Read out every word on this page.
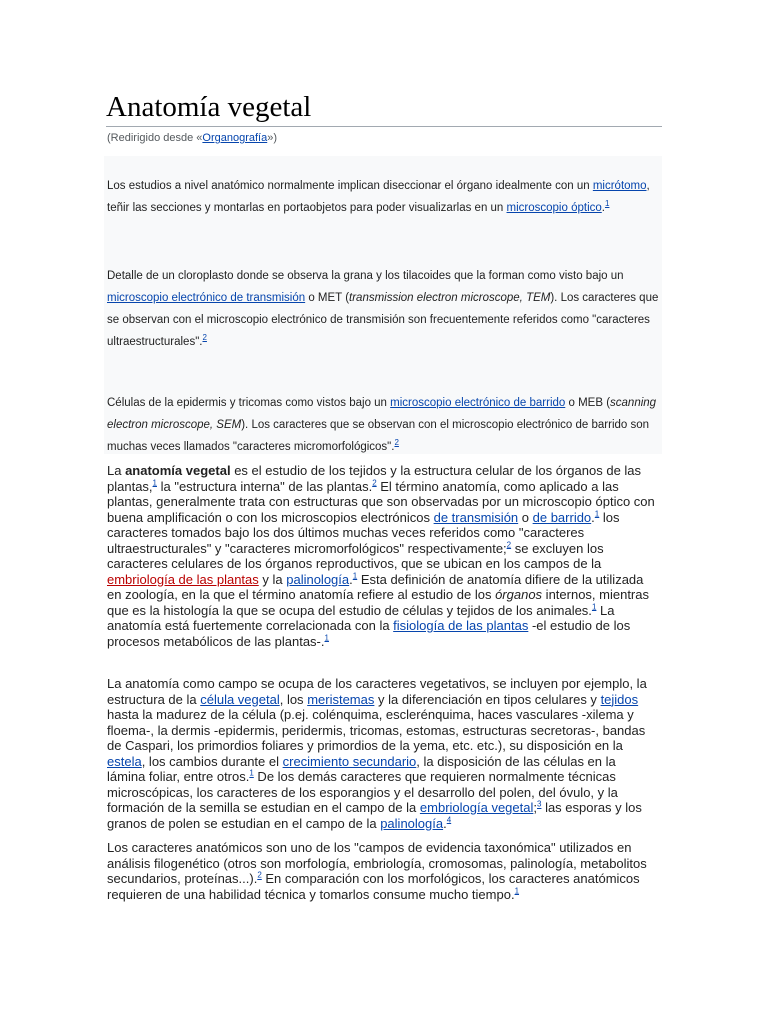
Anatomía vegetal
(Redirigido desde «Organografía»)
Los estudios a nivel anatómico normalmente implican diseccionar el órgano idealmente con un micrótomo, teñir las secciones y montarlas en portaobjetos para poder visualizarlas en un microscopio óptico.$^1$
Detalle de un cloroplasto donde se observa la grana y los tilacoides que la forman como visto bajo un microscopio electrónico de transmisión o MET (transmission electron microscope, TEM). Los caracteres que se observan con el microscopio electrónico de transmisión son frecuentemente referidos como "caracteres ultraestructurales".$^2$
Células de la epidermis y tricomas como vistos bajo un microscopio electrónico de barrido o MEB (scanning electron microscope, SEM). Los caracteres que se observan con el microscopio electrónico de barrido son muchas veces llamados "caracteres micromorfológicos".$^2$
La anatomía vegetal es el estudio de los tejidos y la estructura celular de los órganos de las plantas,$^1$ la "estructura interna" de las plantas.$^2$ El término anatomía, como aplicado a las plantas, generalmente trata con estructuras que son observadas por un microscopio óptico con buena amplificación o con los microscopios electrónicos de transmisión o de barrido.$^1$ los caracteres tomados bajo los dos últimos muchas veces referidos como "caracteres ultraestructurales" y "caracteres micromorfológicos" respectivamente;$^2$ se excluyen los caracteres celulares de los órganos reproductivos, que se ubican en los campos de la embriología de las plantas y la palinología.$^1$ Esta definición de anatomía difiere de la utilizada en zoología, en la que el término anatomía refiere al estudio de los órganos internos, mientras que es la histología la que se ocupa del estudio de células y tejidos de los animales.$^1$ La anatomía está fuertemente correlacionada con la fisiología de las plantas -el estudio de los procesos metabólicos de las plantas-.$^1$
La anatomía como campo se ocupa de los caracteres vegetativos, se incluyen por ejemplo, la estructura de la célula vegetal, los meristemas y la diferenciación en tipos celulares y tejidos hasta la madurez de la célula (p.ej. colénquima, esclerénquima, haces vasculares -xilema y floema-, la dermis -epidermis, peridermis, tricomas, estomas, estructuras secretoras-, bandas de Caspari, los primordios foliares y primordios de la yema, etc. etc.), su disposición en la estela, los cambios durante el crecimiento secundario, la disposición de las células en la lámina foliar, entre otros.$^1$ De los demás caracteres que requieren normalmente técnicas microscópicas, los caracteres de los esporangios y el desarrollo del polen, del óvulo, y la formación de la semilla se estudian en el campo de la embriología vegetal;$^3$ las esporas y los granos de polen se estudian en el campo de la palinología.$^4$
Los caracteres anatómicos son uno de los "campos de evidencia taxonómica" utilizados en análisis filogenético (otros son morfología, embriología, cromosomas, palinología, metabolitos secundarios, proteínas...).$^2$ En comparación con los morfológicos, los caracteres anatómicos requieren de una habilidad técnica y tomarlos consume mucho tiempo.$^1$
